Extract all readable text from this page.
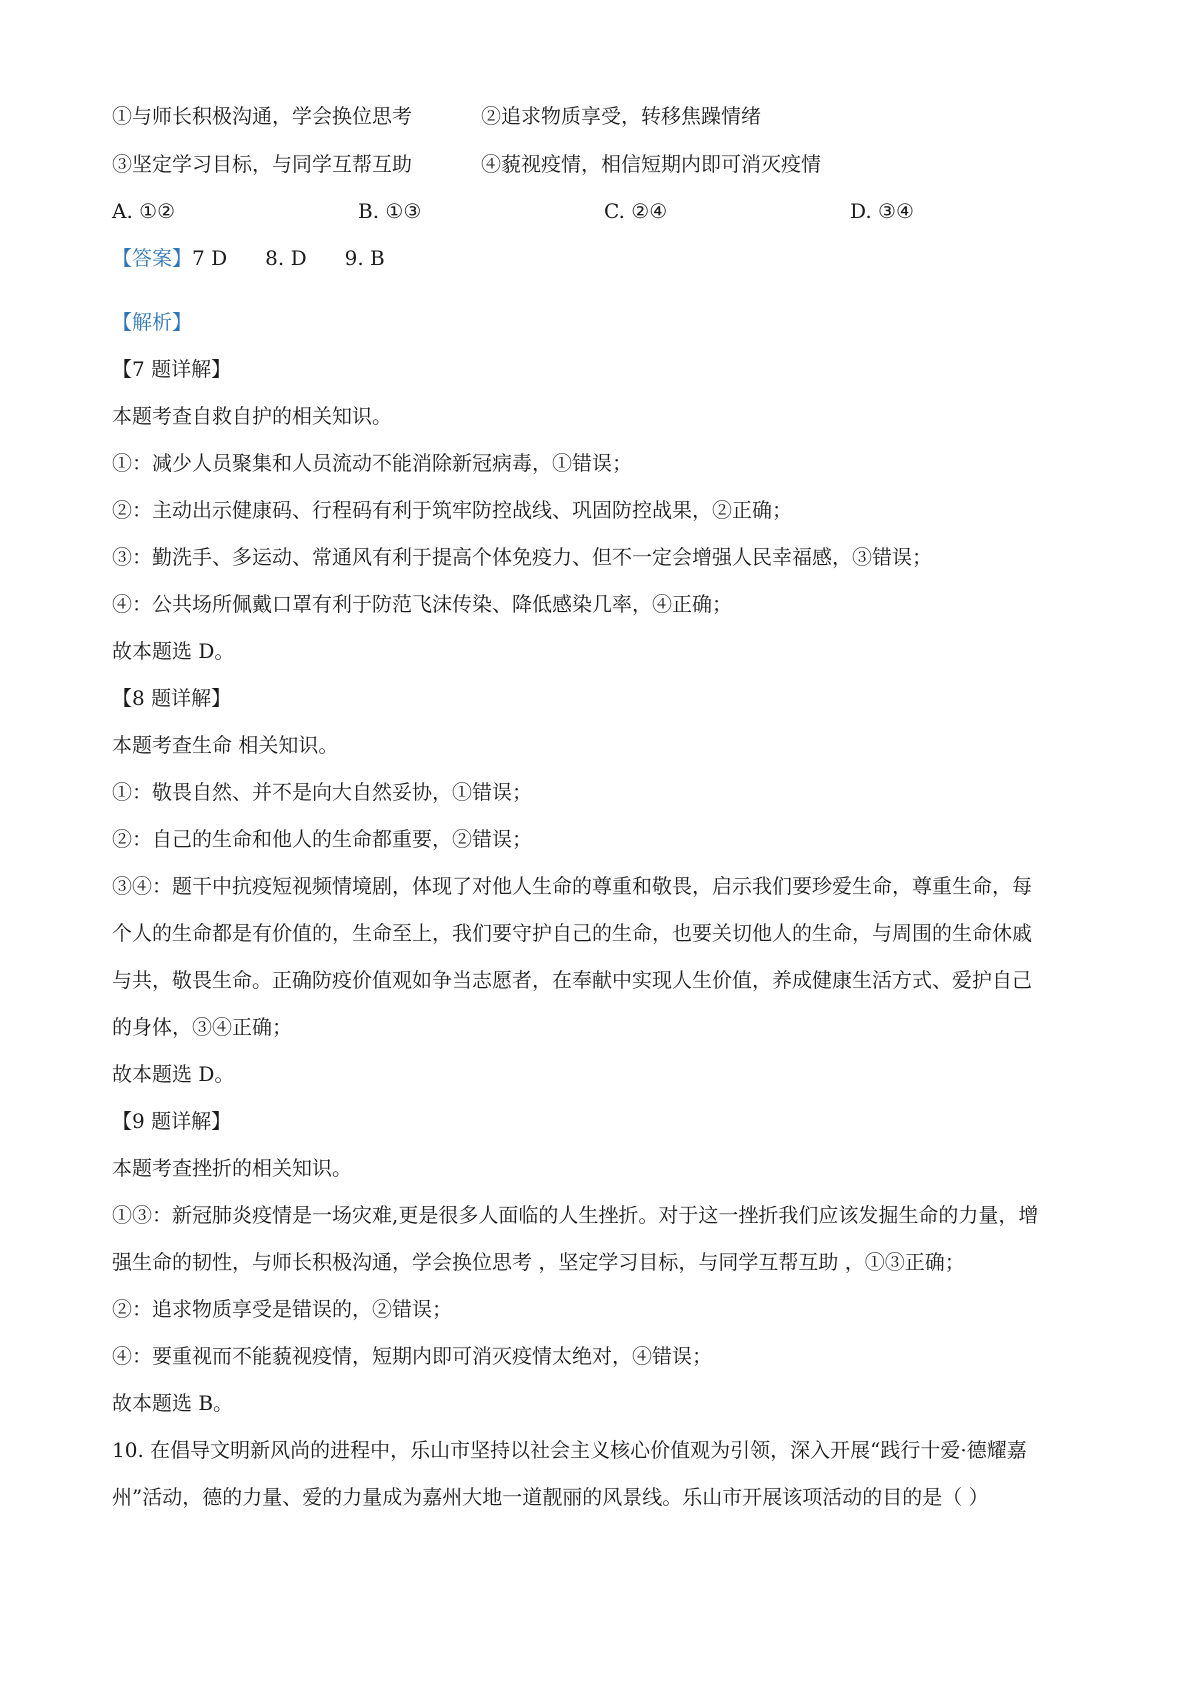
①与师长积极沟通，学会换位思考	②追求物质享受，转移焦躁情绪
③坚定学习目标，与同学互帮互助	④藐视疫情，相信短期内即可消灭疫情
A. ①②	B. ①③	C. ②④	D. ③④
【答案】7 D 8. D 9. B
【解析】
【7 题详解】
本题考查自救自护的相关知识。
①：减少人员聚集和人员流动不能消除新冠病毒，①错误；
②：主动出示健康码、行程码有利于筑牢防控战线、巩固防控战果，②正确；
③：勤洗手、多运动、常通风有利于提高个体免疫力、但不一定会增强人民幸福感，③错误；
④：公共场所佩戴口罩有利于防范飞沫传染、降低感染几率，④正确；
故本题选 D。
【8 题详解】
本题考查生命 相关知识。
①：敬畏自然、并不是向大自然妥协，①错误；
②：自己的生命和他人的生命都重要，②错误；
③④：题干中抗疫短视频情境剧，体现了对他人生命的尊重和敬畏，启示我们要珍爱生命，尊重生命，每
个人的生命都是有价值的，生命至上，我们要守护自己的生命，也要关切他人的生命，与周围的生命休戚
与共，敬畏生命。正确防疫价值观如争当志愿者，在奉献中实现人生价值，养成健康生活方式、爱护自己
的身体，③④正确；
故本题选 D。
【9 题详解】
本题考查挫折的相关知识。
①③：新冠肺炎疫情是一场灾难,更是很多人面临的人生挫折。对于这一挫折我们应该发掘生命的力量，增
强生命的韧性，与师长积极沟通，学会换位思考 ，坚定学习目标，与同学互帮互助 ，①③正确；
②：追求物质享受是错误的，②错误；
④：要重视而不能藐视疫情，短期内即可消灭疫情太绝对，④错误；
故本题选 B。
10. 在倡导文明新风尚的进程中，乐山市坚持以社会主义核心价值观为引领，深入开展“践行十爱·德耀嘉
州”活动，德的力量、爱的力量成为嘉州大地一道靓丽的风景线。乐山市开展该项活动的目的是（ ）
